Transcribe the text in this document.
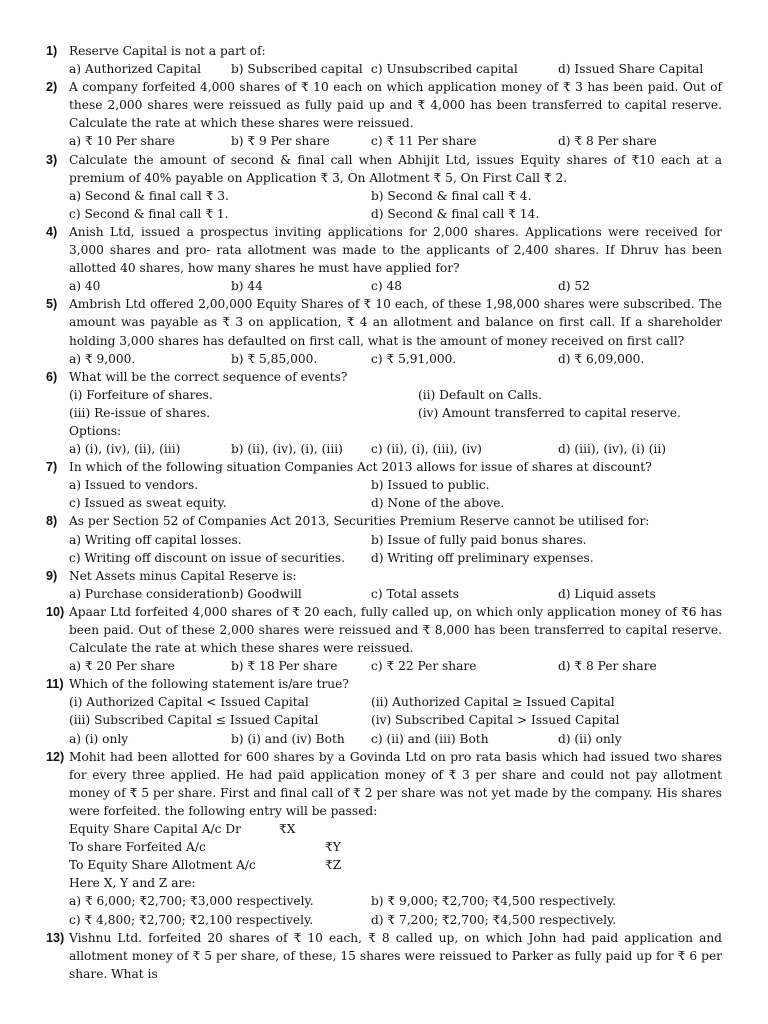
1) Reserve Capital is not a part of:
a) Authorized Capital	b) Subscribed capital c) Unsubscribed capital	d) Issued Share Capital
2) A company forfeited 4,000 shares of ₹ 10 each on which application money of ₹ 3 has been paid. Out of these 2,000 shares were reissued as fully paid up and ₹ 4,000 has been transferred to capital reserve. Calculate the rate at which these shares were reissued.
a) ₹ 10 Per share	b) ₹ 9 Per share	c) ₹ 11 Per share	d) ₹ 8 Per share
3) Calculate the amount of second & final call when Abhijit Ltd, issues Equity shares of ₹10 each at a premium of 40% payable on Application ₹ 3, On Allotment ₹ 5, On First Call ₹ 2.
a) Second & final call ₹ 3.	b) Second & final call ₹ 4.
c) Second & final call ₹ 1.	d) Second & final call ₹ 14.
4) Anish Ltd, issued a prospectus inviting applications for 2,000 shares. Applications were received for 3,000 shares and pro- rata allotment was made to the applicants of 2,400 shares. If Dhruv has been allotted 40 shares, how many shares he must have applied for?
a) 40	b) 44	c) 48	d) 52
5) Ambrish Ltd offered 2,00,000 Equity Shares of ₹ 10 each, of these 1,98,000 shares were subscribed. The amount was payable as ₹ 3 on application, ₹ 4 an allotment and balance on first call. If a shareholder holding 3,000 shares has defaulted on first call, what is the amount of money received on first call?
a) ₹ 9,000.	b) ₹ 5,85,000.	c) ₹ 5,91,000.	d) ₹ 6,09,000.
6) What will be the correct sequence of events?
(i) Forfeiture of shares.	(ii) Default on Calls.
(iii) Re-issue of shares.	(iv) Amount transferred to capital reserve.
Options:
a) (i), (iv), (ii), (iii)	b) (ii), (iv), (i), (iii)	c) (ii), (i), (iii), (iv)	d) (iii), (iv), (i) (ii)
7) In which of the following situation Companies Act 2013 allows for issue of shares at discount?
a) Issued to vendors.	b) Issued to public.
c) Issued as sweat equity.	d) None of the above.
8) As per Section 52 of Companies Act 2013, Securities Premium Reserve cannot be utilised for:
a) Writing off capital losses.	b) Issue of fully paid bonus shares.
c) Writing off discount on issue of securities.	d) Writing off preliminary expenses.
9) Net Assets minus Capital Reserve is:
a) Purchase consideration b) Goodwill	c) Total assets	d) Liquid assets
10) Apaar Ltd forfeited 4,000 shares of ₹ 20 each, fully called up, on which only application money of ₹6 has been paid. Out of these 2,000 shares were reissued and ₹ 8,000 has been transferred to capital reserve. Calculate the rate at which these shares were reissued.
a) ₹ 20 Per share	b) ₹ 18 Per share	c) ₹ 22 Per share	d) ₹ 8 Per share
11) Which of the following statement is/are true?
(i) Authorized Capital < Issued Capital	(ii) Authorized Capital ≥ Issued Capital
(iii) Subscribed Capital ≤ Issued Capital	(iv) Subscribed Capital > Issued Capital
a) (i) only	b) (i) and (iv) Both	c) (ii) and (iii) Both	d) (ii) only
12) Mohit had been allotted for 600 shares by a Govinda Ltd on pro rata basis which had issued two shares for every three applied. He had paid application money of ₹ 3 per share and could not pay allotment money of ₹ 5 per share. First and final call of ₹ 2 per share was not yet made by the company. His shares were forfeited. the following entry will be passed:
Equity Share Capital A/c Dr	₹X
To share Forfeited A/c	₹Y
To Equity Share Allotment A/c	₹Z
Here X, Y and Z are:
a) ₹ 6,000; ₹2,700; ₹3,000 respectively.	b) ₹ 9,000; ₹2,700; ₹4,500 respectively.
c) ₹ 4,800; ₹2,700; ₹2,100 respectively.	d) ₹ 7,200; ₹2,700; ₹4,500 respectively.
13) Vishnu Ltd. forfeited 20 shares of ₹ 10 each, ₹ 8 called up, on which John had paid application and allotment money of ₹ 5 per share, of these, 15 shares were reissued to Parker as fully paid up for ₹ 6 per share. What is
